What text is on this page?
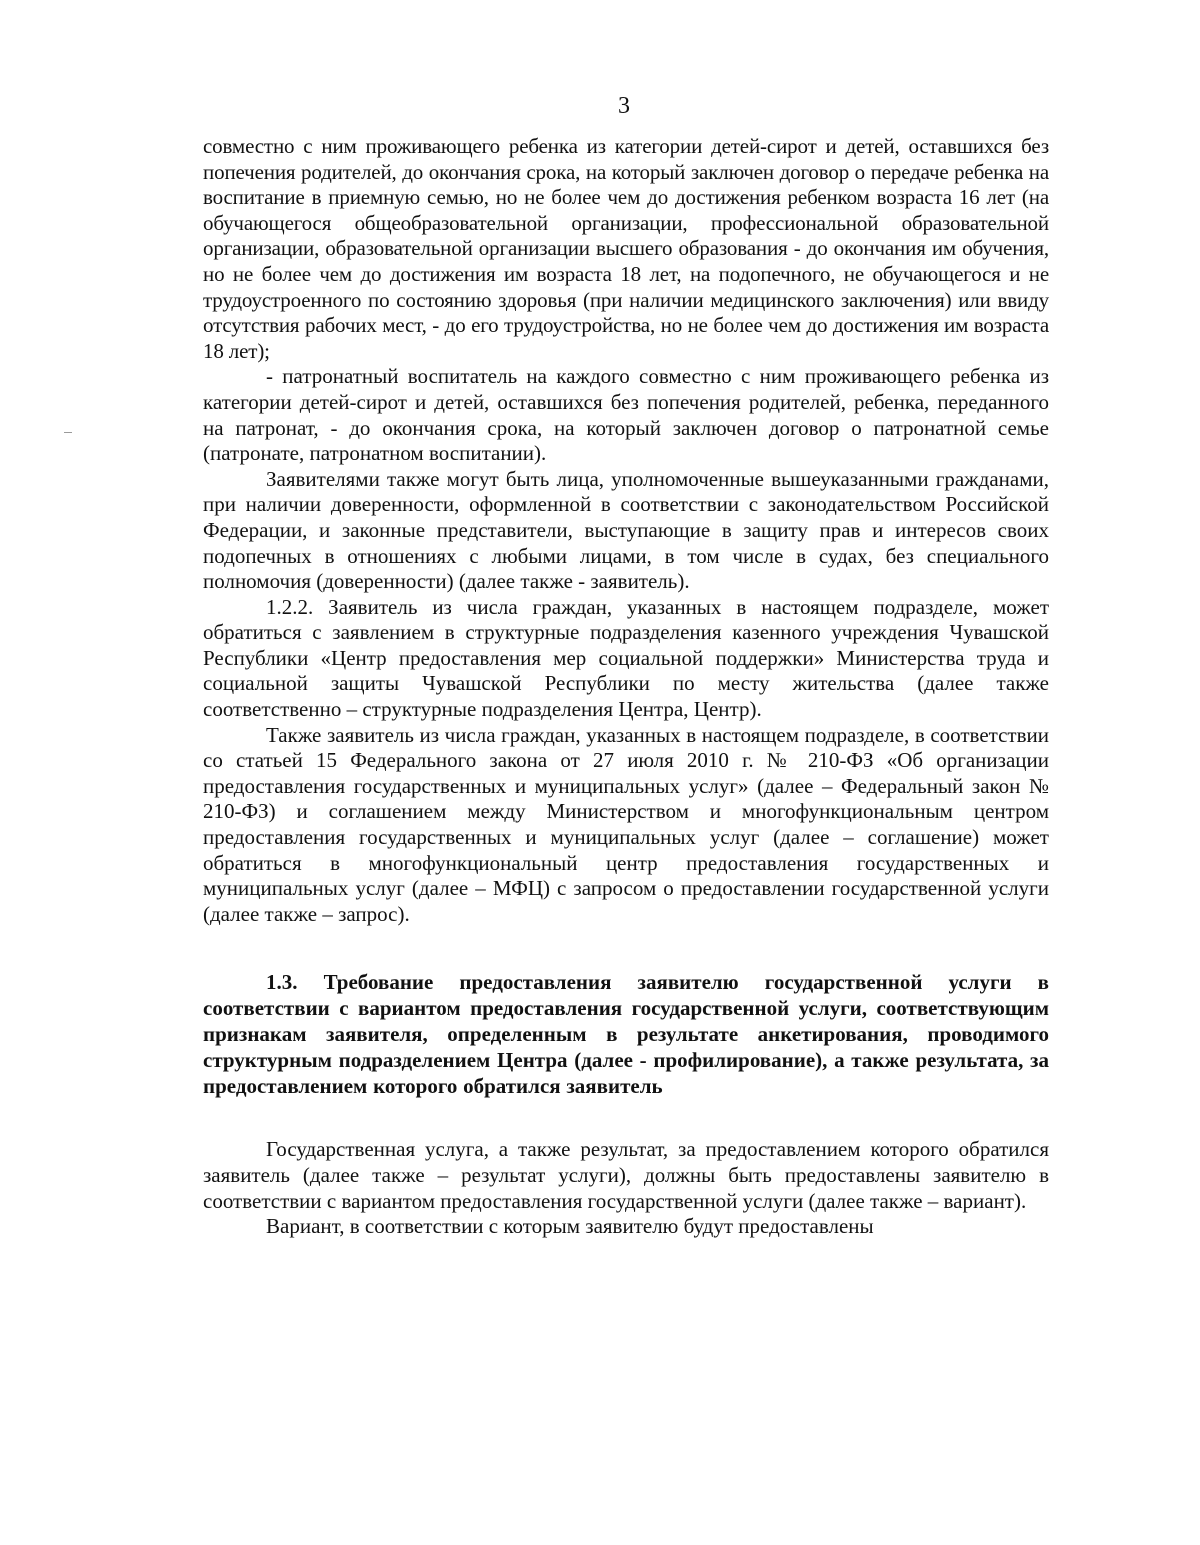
3

совместно с ним проживающего ребенка из категории детей-сирот и детей, оставшихся без попечения родителей, до окончания срока, на который заключен договор о передаче ребенка на воспитание в приемную семью, но не более чем до достижения ребенком возраста 16 лет (на обучающегося общеобразовательной организации, профессиональной образовательной организации, образовательной организации высшего образования - до окончания им обучения, но не более чем до достижения им возраста 18 лет, на подопечного, не обучающегося и не трудоустроенного по состоянию здоровья (при наличии медицинского заключения) или ввиду отсутствия рабочих мест, - до его трудоустройства, но не более чем до достижения им возраста 18 лет);

- патронатный воспитатель на каждого совместно с ним проживающего ребенка из категории детей-сирот и детей, оставшихся без попечения родителей, ребенка, переданного на патронат, - до окончания срока, на который заключен договор о патронатной семье (патронате, патронатном воспитании).

Заявителями также могут быть лица, уполномоченные вышеуказанными гражданами, при наличии доверенности, оформленной в соответствии с законодательством Российской Федерации, и законные представители, выступающие в защиту прав и интересов своих подопечных в отношениях с любыми лицами, в том числе в судах, без специального полномочия (доверенности) (далее также - заявитель).

1.2.2. Заявитель из числа граждан, указанных в настоящем подразделе, может обратиться с заявлением в структурные подразделения казенного учреждения Чувашской Республики «Центр предоставления мер социальной поддержки» Министерства труда и социальной защиты Чувашской Республики по месту жительства (далее также соответственно – структурные подразделения Центра, Центр).

Также заявитель из числа граждан, указанных в настоящем подразделе, в соответствии со статьей 15 Федерального закона от 27 июля 2010 г. № 210-ФЗ «Об организации предоставления государственных и муниципальных услуг» (далее – Федеральный закон № 210-ФЗ) и соглашением между Министерством и многофункциональным центром предоставления государственных и муниципальных услуг (далее – соглашение) может обратиться в многофункциональный центр предоставления государственных и муниципальных услуг (далее – МФЦ) с запросом о предоставлении государственной услуги (далее также – запрос).

1.3. Требование предоставления заявителю государственной услуги в соответствии с вариантом предоставления государственной услуги, соответствующим признакам заявителя, определенным в результате анкетирования, проводимого структурным подразделением Центра (далее - профилирование), а также результата, за предоставлением которого обратился заявитель

Государственная услуга, а также результат, за предоставлением которого обратился заявитель (далее также – результат услуги), должны быть предоставлены заявителю в соответствии с вариантом предоставления государственной услуги (далее также – вариант).

Вариант, в соответствии с которым заявителю будут предоставлены
